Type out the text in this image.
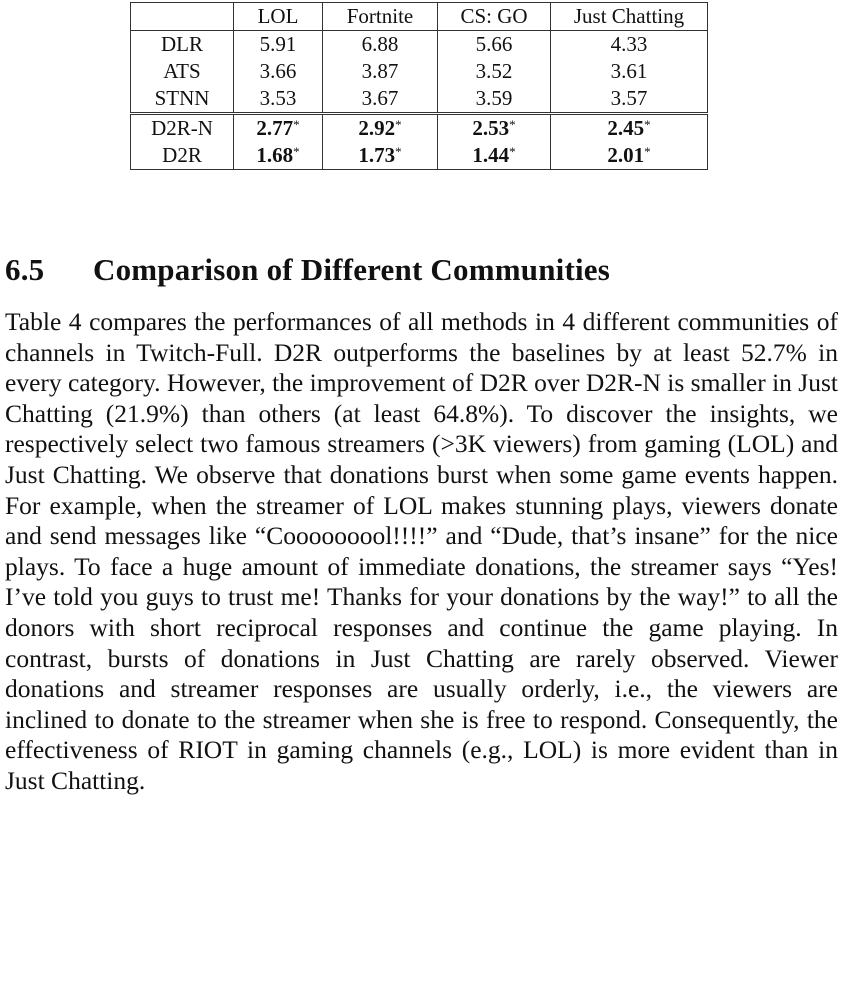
	LOL	Fortnite	CS: GO	Just Chatting
DLR	5.91	6.88	5.66	4.33
ATS	3.66	3.87	3.52	3.61
STNN	3.53	3.67	3.59	3.57
D2R-N	2.77*	2.92*	2.53*	2.45*
D2R	1.68*	1.73*	1.44*	2.01*
6.5 Comparison of Different Communities

Table 4 compares the performances of all methods in 4 different communities of channels in Twitch-Full. D2R outperforms the baselines by at least 52.7% in every category. However, the improvement of D2R over D2R-N is smaller in Just Chatting (21.9%) than others (at least 64.8%). To discover the insights, we respectively select two famous streamers (>3K viewers) from gaming (LOL) and Just Chatting. We observe that donations burst when some game events happen. For example, when the streamer of LOL makes stunning plays, viewers donate and send messages like “Cooooooool!!!!” and “Dude, that’s insane” for the nice plays. To face a huge amount of immediate donations, the streamer says “Yes! I’ve told you guys to trust me! Thanks for your donations by the way!” to all the donors with short reciprocal responses and continue the game playing. In contrast, bursts of donations in Just Chatting are rarely observed. Viewer donations and streamer responses are usually orderly, i.e., the viewers are inclined to donate to the streamer when she is free to respond. Consequently, the effectiveness of RIOT in gaming channels (e.g., LOL) is more evident than in Just Chatting.
